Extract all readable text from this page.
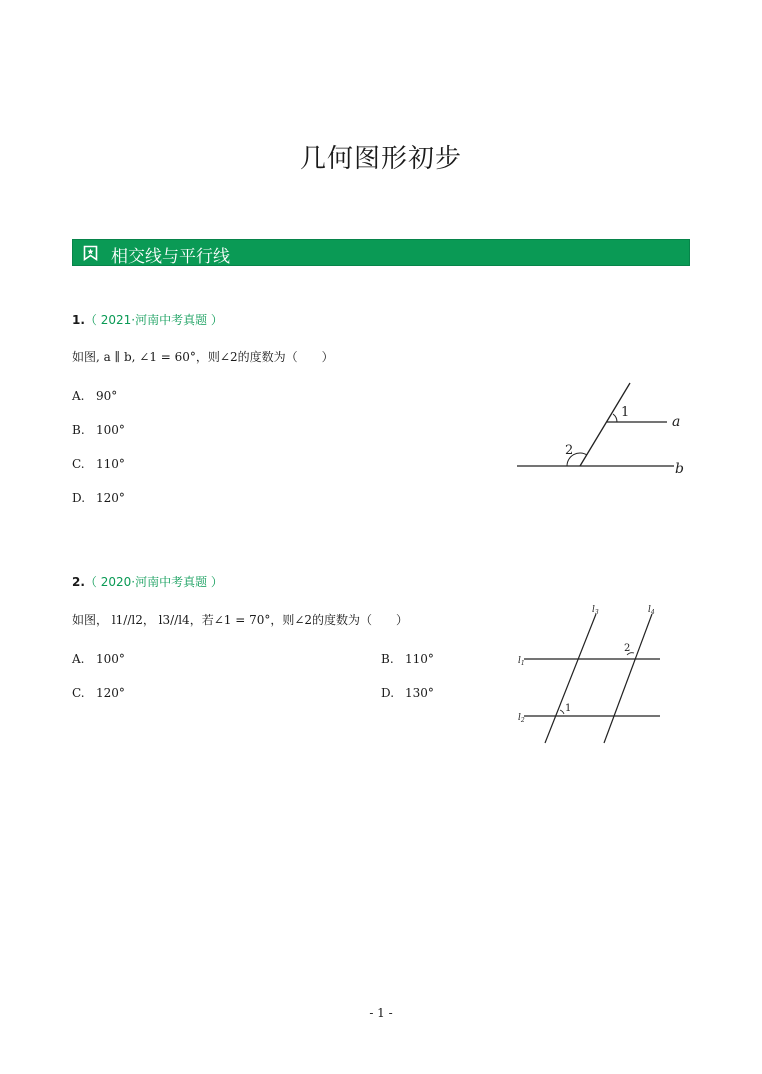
几何图形初步
相交线与平行线
1.（ 2021·河南中考真题 ）
如图, a ∥ b, ∠1 = 60°，则∠2的度数为（　　）
A. 90°
B. 100°
C. 110°
D. 120°
1
2
a
b
2.（ 2020·河南中考真题 ）
如图， l1//l2， l3//l4，若∠1 = 70°，则∠2的度数为（　　）
A. 100°	B. 110°
C. 120°	D. 130°
1
2
$l_1$
$l_2$
$l_3$	$l_4$
- 1 -
